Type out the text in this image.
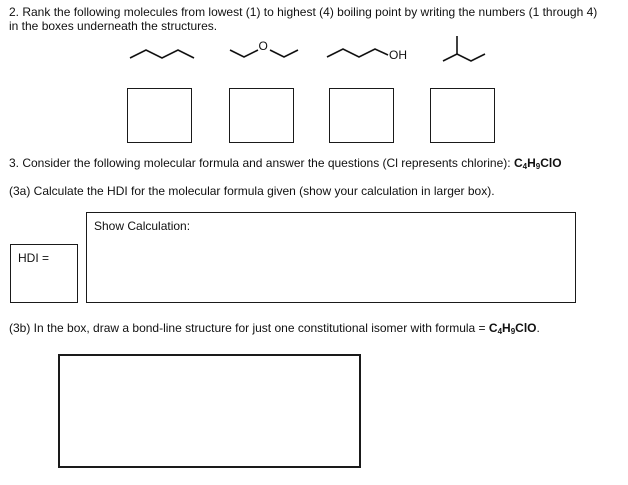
2. Rank the following molecules from lowest (1) to highest (4) boiling point by writing the numbers (1 through 4)
in the boxes underneath the structures.
O
OH
3. Consider the following molecular formula and answer the questions (Cl represents chlorine): $C_4H_9ClO$
(3a) Calculate the HDI for the molecular formula given (show your calculation in larger box).
HDI =
Show Calculation:
(3b) In the box, draw a bond-line structure for just one constitutional isomer with formula = $C_4H_9ClO$.
